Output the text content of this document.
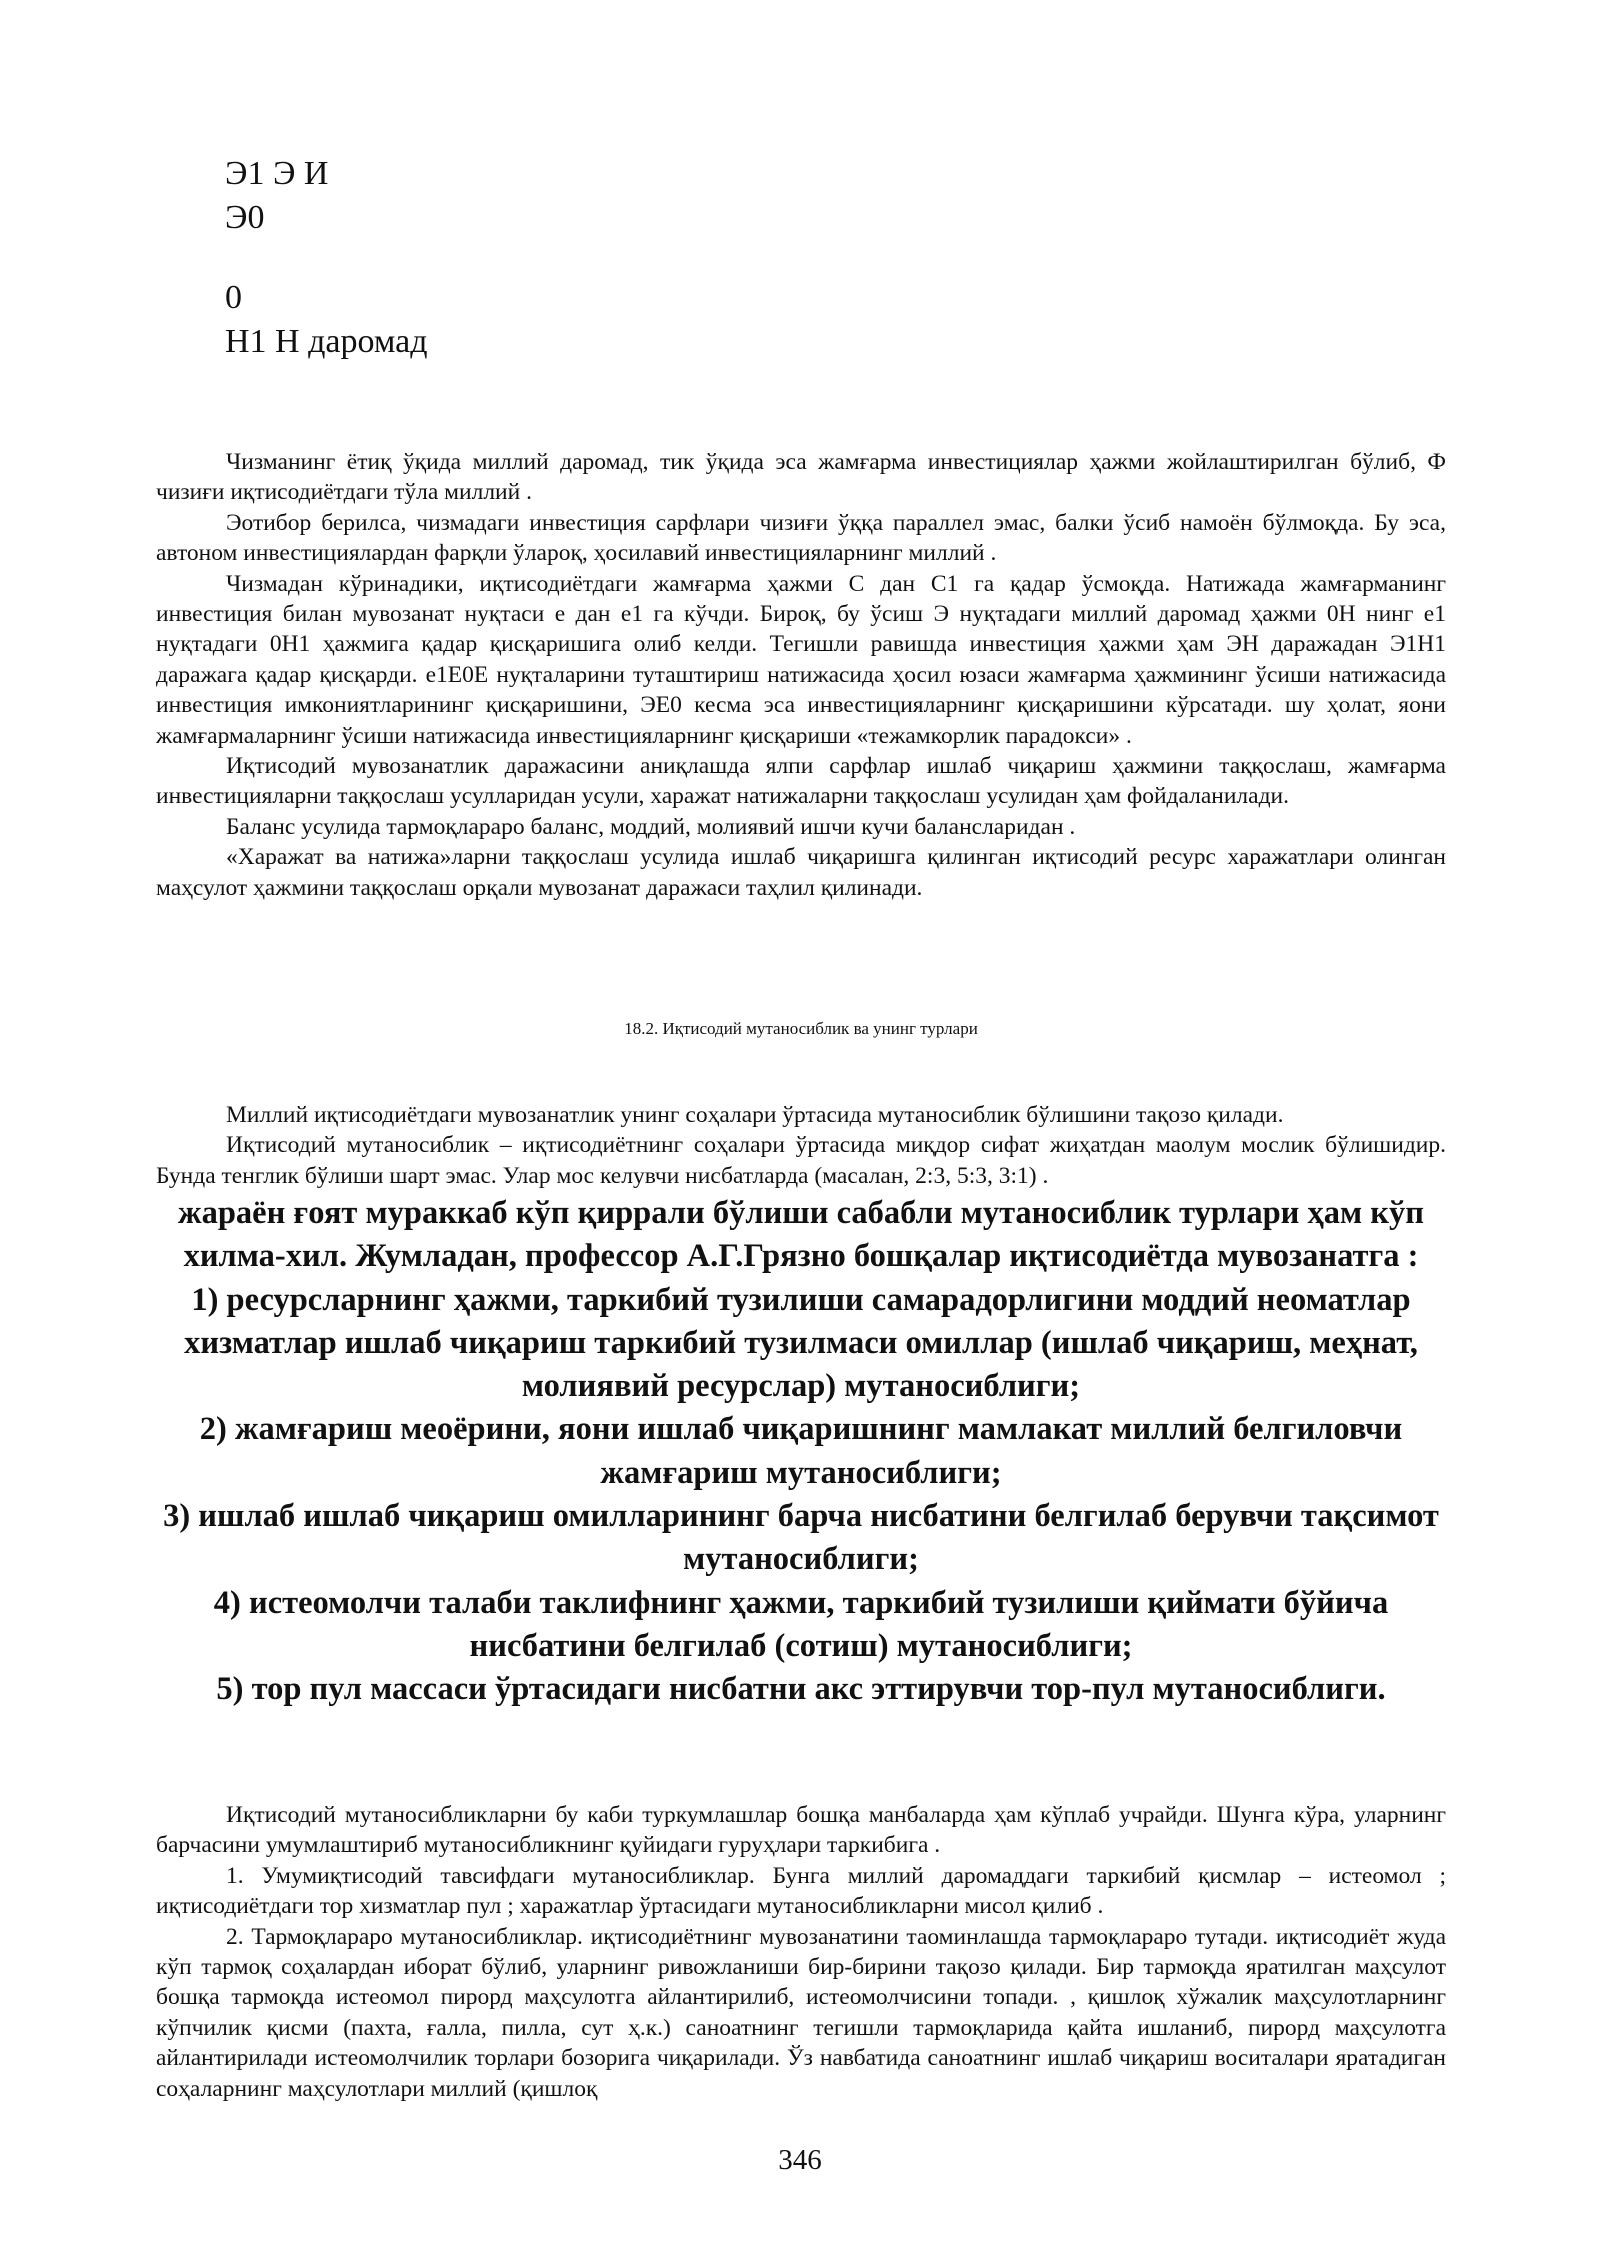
Э1 Э И
Э0
0
Н1 Н даромад

Чизманинг ётиқ ўқида миллий даромад, тик ўқида эса жамғарма инвестициялар ҳажми жойлаштирилган бўлиб, Ф чизиғи иқтисодиётдаги тўла миллий .

Эотибор берилса, чизмадаги инвестиция сарфлари чизиғи ўққа параллел эмас, балки ўсиб намоён бўлмоқда. Бу эса, автоном инвестициялардан фарқли ўлароқ, ҳосилавий инвестицияларнинг миллий .

Чизмадан кўринадики, иқтисодиётдаги жамғарма ҳажми С дан С1 га қадар ўсмоқда. Натижада жамғарманинг инвестиция билан мувозанат нуқтаси е дан е1 га кўчди. Бироқ, бу ўсиш Э нуқтадаги миллий даромад ҳажми 0Н нинг е1 нуқтадаги 0Н1 ҳажмига қадар қисқаришига олиб келди. Тегишли равишда инвестиция ҳажми ҳам ЭН даражадан Э1Н1 даражага қадар қисқарди. е1Е0Е нуқталарини туташтириш натижасида ҳосил юзаси жамғарма ҳажмининг ўсиши натижасида инвестиция имкониятларининг қисқаришини, ЭЕ0 кесма эса инвестицияларнинг қисқаришини кўрсатади. шу ҳолат, яони жамғармаларнинг ўсиши натижасида инвестицияларнинг қисқариши «тежамкорлик парадокси» .

Иқтисодий мувозанатлик даражасини аниқлашда ялпи сарфлар ишлаб чиқариш ҳажмини таққослаш, жамғарма инвестицияларни таққослаш усулларидан усули, харажат натижаларни таққослаш усулидан ҳам фойдаланилади.

Баланс усулида тармоқлараро баланс, моддий, молиявий ишчи кучи балансларидан .

«Харажат ва натижа»ларни таққослаш усулида ишлаб чиқаришга қилинган иқтисодий ресурс харажатлари олинган маҳсулот ҳажмини таққослаш орқали мувозанат даражаси таҳлил қилинади.

18.2. Иқтисодий мутаносиблик ва унинг турлари

Миллий иқтисодиётдаги мувозанатлик унинг соҳалари ўртасида мутаносиблик бўлишини тақозо қилади.

Иқтисодий мутаносиблик – иқтисодиётнинг соҳалари ўртасида миқдор сифат жиҳатдан маолум мослик бўлишидир. Бунда тенглик бўлиши шарт эмас. Улар мос келувчи нисбатларда (масалан, 2:3, 5:3, 3:1) .

жараён ғоят мураккаб кўп қиррали бўлиши сабабли мутаносиблик турлари ҳам кўп хилма-хил. Жумладан, профессор А.Г.Грязно бошқалар иқтисодиётда мувозанатга :

1) ресурсларнинг ҳажми, таркибий тузилиши самарадорлигини моддий неоматлар хизматлар ишлаб чиқариш таркибий тузилмаси омиллар (ишлаб чиқариш, меҳнат, молиявий ресурслар) мутаносиблиги;

2) жамғариш меоёрини, яони ишлаб чиқаришнинг мамлакат миллий белгиловчи жамғариш мутаносиблиги;

3) ишлаб ишлаб чиқариш омилларининг барча нисбатини белгилаб берувчи тақсимот мутаносиблиги;

4) истеомолчи талаби таклифнинг ҳажми, таркибий тузилиши қиймати бўйича нисбатини белгилаб (сотиш) мутаносиблиги;

5) тор пул массаси ўртасидаги нисбатни акс эттирувчи тор-пул мутаносиблиги.

Иқтисодий мутаносибликларни бу каби туркумлашлар бошқа манбаларда ҳам кўплаб учрайди. Шунга кўра, уларнинг барчасини умумлаштириб мутаносибликнинг қуйидаги гуруҳлари таркибига .

1. Умумиқтисодий тавсифдаги мутаносибликлар. Бунга миллий даромаддаги таркибий қисмлар – истеомол ; иқтисодиётдаги тор хизматлар пул ; харажатлар ўртасидаги мутаносибликларни мисол қилиб .

2. Тармоқлараро мутаносибликлар. иқтисодиётнинг мувозанатини таоминлашда тармоқлараро тутади. иқтисодиёт жуда кўп тармоқ соҳалардан иборат бўлиб, уларнинг ривожланиши бир-бирини тақозо қилади. Бир тармоқда яратилган маҳсулот бошқа тармоқда истеомол пирорд маҳсулотга айлантирилиб, истеомолчисини топади. , қишлоқ хўжалик маҳсулотларнинг кўпчилик қисми (пахта, ғалла, пилла, сут ҳ.к.) саноатнинг тегишли тармоқларида қайта ишланиб, пирорд маҳсулотга айлантирилади истеомолчилик торлари бозорига чиқарилади. Ўз навбатида саноатнинг ишлаб чиқариш воситалари яратадиган соҳаларнинг маҳсулотлари миллий (қишлоқ

346
